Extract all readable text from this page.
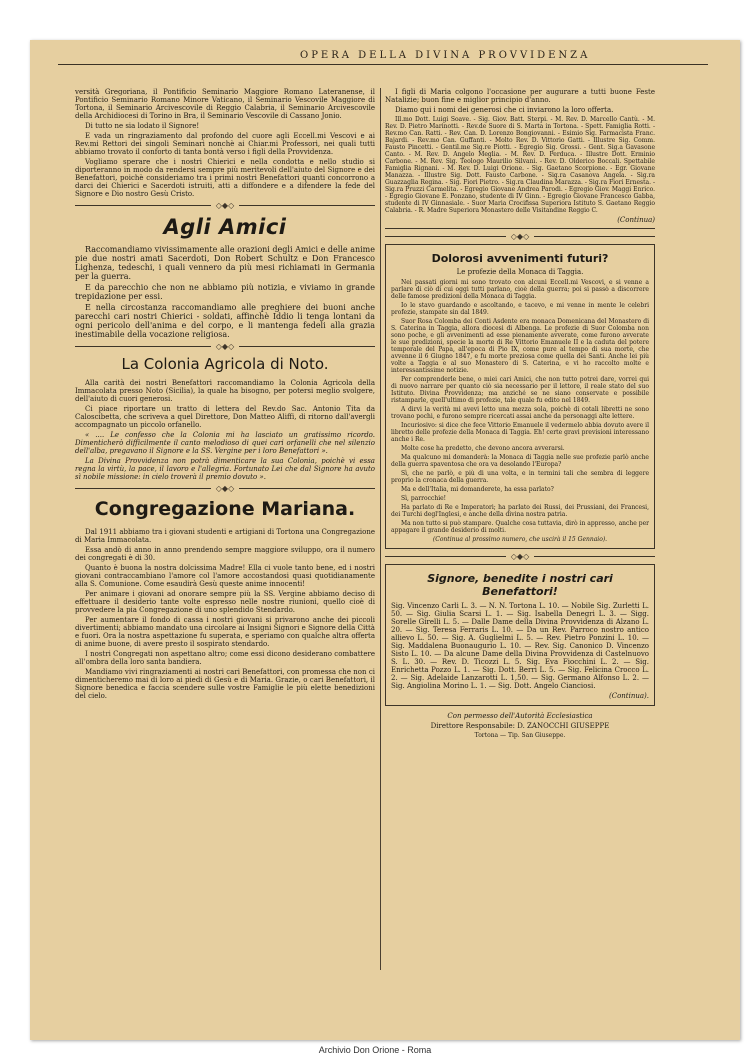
OPERA DELLA DIVINA PROVVIDENZA

versità Gregoriana, il Pontificio Seminario Maggiore Romano Lateranense, il Pontificio Seminario Romano Minore Vaticano, il Seminario Vescovile Maggiore di Tortona, il Seminario Arcivescovile di Reggio Calabria, il Seminario Arcivescovile della Archidiocesi di Torino in Bra, il Seminario Vescovile di Cassano Jonio.

Di tutto ne sia lodato il Signore!

E vada un ringraziamento dal profondo del cuore agli Eccell.mi Vescovi e ai Rev.mi Rettori dei singoli Seminari nonchè ai Chiar.mi Professori, nei quali tutti abbiamo trovato il conforto di tanta bontà verso i figli della Provvidenza.

Vogliamo sperare che i nostri Chierici e nella condotta e nello studio si diporteranno in modo da rendersi sempre più meritevoli dell'aiuto del Signore e dei Benefattori, poichè consideriamo tra i primi nostri Benefattori quanti concorrono a darci dei Chierici e Sacerdoti istruiti, atti a diffondere e a difendere la fede del Signore e Dio nostro Gesù Cristo.

◇◆◇
Agli Amici

Raccomandiamo vivissimamente alle orazioni degli Amici e delle anime pie due nostri amati Sacerdoti, Don Robert Schultz e Don Francesco Lighenza, tedeschi, i quali vennero da più mesi richiamati in Germania per la guerra.

E da parecchio che non ne abbiamo più notizia, e viviamo in grande trepidazione per essi.

E nella circostanza raccomandiamo alle preghiere dei buoni anche parecchi cari nostri Chierici - soldati, affinchè Iddio li tenga lontani da ogni pericolo dell'anima e del corpo, e li mantenga fedeli alla grazia inestimabile della vocazione religiosa.

◇◆◇
La Colonia Agricola di Noto.

Alla carità dei nostri Benefattori raccomandiamo la Colonia Agricola della Immacolata presso Noto (Sicilia), la quale ha bisogno, per potersi meglio svolgere, dell'aiuto di cuori generosi.

Ci piace riportare un tratto di lettera del Rev.do Sac. Antonio Tita da Caloscibetta, che scriveva a quel Direttore, Don Matteo Aliffi, di ritorno dall'avergli accompagnato un piccolo orfanello.

« .... Le confesso che la Colonia mi ha lasciato un gratissimo ricordo. Dimenticherò difficilmente il canto melodioso di quei cari orfanelli che nel silenzio dell'alba, pregavano il Signore e la SS. Vergine per i loro Benefattori ».

La Divina Provvidenza non potrà dimenticare la sua Colonia, poichè vi essa regna la virtù, la pace, il lavoro e l'allegria. Fortunato Lei che dal Signore ha avuto sì nobile missione: in cielo troverà il premio dovuto ».

◇◆◇
Congregazione Mariana.

Dal 1911 abbiamo tra i giovani studenti e artigiani di Tortona una Congregazione di Maria Immacolata.

Essa andò di anno in anno prendendo sempre maggiore sviluppo, ora il numero dei congregati è di 30.

Quanto è buona la nostra dolcissima Madre! Ella ci vuole tanto bene, ed i nostri giovani contraccambiano l'amore col l'amore accostandosi quasi quotidianamente alla S. Comunione. Come esaudirà Gesù queste anime innocenti!

Per animare i giovani ad onorare sempre più la SS. Vergine abbiamo deciso di effettuare il desiderio tante volte espresso nelle nostre riunioni, quello cioè di provvedere la pia Congregazione di uno splendido Stendardo.

Per aumentare il fondo di cassa i nostri giovani si privarono anche dei piccoli divertimenti; abbiamo mandato una circolare ai Insigni Signori e Signore della Città e fuori. Ora la nostra aspettazione fu superata, e speriamo con qualche altra offerta di anime buone, di avere presto il sospirato stendardo.

I nostri Congregati non aspettano altro; come essi dicono desiderano combattere all'ombra della loro santa bandiera.

Mandiamo vivi ringraziamenti ai nostri cari Benefattori, con promessa che non ci dimenticheremo mai di loro ai piedi di Gesù e di Maria. Grazie, o cari Benefattori, il Signore benedica e faccia scendere sulle vostre Famiglie le più elette benedizioni del cielo.

I figli di Maria colgono l'occasione per augurare a tutti buone Feste Natalizie; buon fine e miglior principio d'anno.

Diamo qui i nomi dei generosi che ci inviarono la loro offerta.

Ill.mo Dott. Luigi Soave. - Sig. Giov. Batt. Sterpi. - M. Rev. D. Marcello Cantù. - M. Rev. D. Pietro Marinotti. - Rev.de Suore di S. Marta in Tortona. - Spett. Famiglia Rotti. - Rev.mo Can. Ratti. - Rev. Can. D. Lorenzo Bongiovanni. - Esimio Sig. Farmacista Franc. Bajardi. - Rev.mo Can. Guffanti. - Molto Rev. D. Vittorio Gatti. - Illustre Sig. Comm. Fausto Pincetti. - Gentil.me Sig.re Piotti. - Egregio Sig. Grossi. - Gent. Sig.a Gavasone Canto. - M. Rev. D. Angelo Meglia. - M. Rev. D. Perduca. - Illustre Dott. Erminio Carbone. - M. Rev. Sig. Teologo Maurilio Silvani. - Rev. D. Olderico Boccali. Spettabile Famiglia Rignani. - M. Rev. D. Luigi Orione. - Sig. Gaetano Scorpione. - Egr. Giovane Manazza. - Illustre Sig. Dott. Fausto Carbone. - Sig.ra Casanova Angela. - Sig.ra Guazzaglia Regina. - Sig. Fiori Pietro. - Sig.ra Claudina Marazza. - Sig.ra Fiori Ernesta. - Sig.ra Pruzzi Carmelita. - Egregio Giovane Andrea Parodi. - Egregio Giov. Maggi Enrico. - Egregio Giovane E. Ponzano, studente di IV Ginn. - Egregio Giovane Francesco Gabba, studente di IV Ginnasiale. - Suor Maria Crocifissa Superiora Istituto S. Gaetano Reggio Calabria. - R. Madre Superiora Monastero delle Visitandine Reggio C.

(Continua)

◇◆◇
Dolorosi avvenimenti futuri?
Le profezie della Monaca di Taggia.

Nei passati giorni mi sono trovato con alcuni Eccell.mi Vescovi, e si venne a parlare di ciò di cui oggi tutti parlano, cioè della guerra; poi si passò a discorrere delle famose predizioni della Monaca di Taggia.

Io le stavo guardando e ascoltando, e tacevo, e mi venne in mente le celebri profezie, stampate sin dal 1849.

Suor Rosa Colomba dei Conti Asdente era monaca Domenicana del Monastero di S. Caterina in Taggia, allora diocesi di Albenga. Le profezie di Suor Colomba non sono poche, e gli avvenimenti ad esse pienamente avverate, come furono avverate le sue predizioni, specie la morte di Re Vittorio Emanuele II e la caduta del potere temporale del Papa, all'epoca di Pio IX, come pure al tempo di sua morte, che avvenne il 6 Giugno 1847, e fu morte preziosa come quella dei Santi. Anche lei più volte a Taggia e al suo Monastero di S. Caterina, e vi ho raccolto molte e interessantissime notizie.

Per comprenderle bene, o miei cari Amici, che non tutto potrei dare, vorrei qui di nuovo narrare per quanto ciò sia necessario per il lettore, il reale stato del suo Istituto. Divina Provvidenza; ma anziché se ne siano conservate e possibile ristamparle, quell'ultimo di profezie, tale quale fu edito nel 1849.

A dirvi la verità mi avevi letto una mezza sola, poichè di cotali libretti ne sono trovano pochi, e furono sempre ricercati assai anche da personaggi alte lettere.

Incuriosivo: si dice che fece Vittorio Emanuele il vedermelo abbia dovuto avere il libretto delle profezie della Monaca di Taggia. Eh! certe gravi previsioni interessano anche i Re.

Molte cose ha predetto, che devono ancora avverarsi.

Ma qualcuno mi domanderà: la Monaca di Taggia nelle sue profezie parlò anche della guerra spaventosa che ora va desolando l'Europa?

Sì, che ne parlò, e più di una volta, e in termini tali che sembra di leggere proprio la cronaca della guerra.

Ma e dell'Italia, mi domanderete, ha essa parlato?

Sì, parrocchie!

Ha parlato di Re e Imperatori; ha parlato dei Russi, dei Prussiani, dei Francesi, dei Turchi degl'Inglesi, e anche della divina nostra patria.

Ma non tutto si può stampare. Qualche cosa tuttavia, dirò in appresso, anche per appagare il grande desiderio di molti.

(Continua al prossimo numero, che uscirà il 15 Gennaio).

◇◆◇
Signore, benedite i nostri cari Benefattori!

Sig. Vincenzo Carli L. 3. — N. N. Tortona L. 10. — Nobile Sig. Zurletti L. 50. — Sig. Giulia Scarsi L. 1. — Sig. Isabella Denegri L. 3. — Sigg. Sorelle Girelli L. 5. — Dalle Dame della Divina Provvidenza di Alzano L. 20. — Sig. Teresa Ferraris L. 10. — Da un Rev. Parroco nostro antico allievo L. 50. — Sig. A. Guglielmi L. 5. — Rev. Pietro Ponzini L. 10. — Sig. Maddalena Buonaugurio L. 10. — Rev. Sig. Canonico D. Vincenzo Sisto L. 10. — Da alcune Dame della Divina Provvidenza di Castelnuovo S. L. 30. — Rev. D. Ticozzi L. 5. Sig. Eva Fiocchini L. 2. — Sig. Enrichetta Pozzo L. 1. — Sig. Dott. Berri L. 5. — Sig. Felicina Crocco L. 2. — Sig. Adelaide Lanzarotti L. 1,50. — Sig. Germano Alfonso L. 2. — Sig. Angiolina Morino L. 1. — Sig. Dott. Angelo Cianciosi.

(Continua).

Con permesso dell'Autorità Ecclesiastica

Direttore Responsabile: D. ZANOCCHI GIUSEPPE

Tortona — Tip. San Giuseppe.

Archivio Don Orione - Roma
